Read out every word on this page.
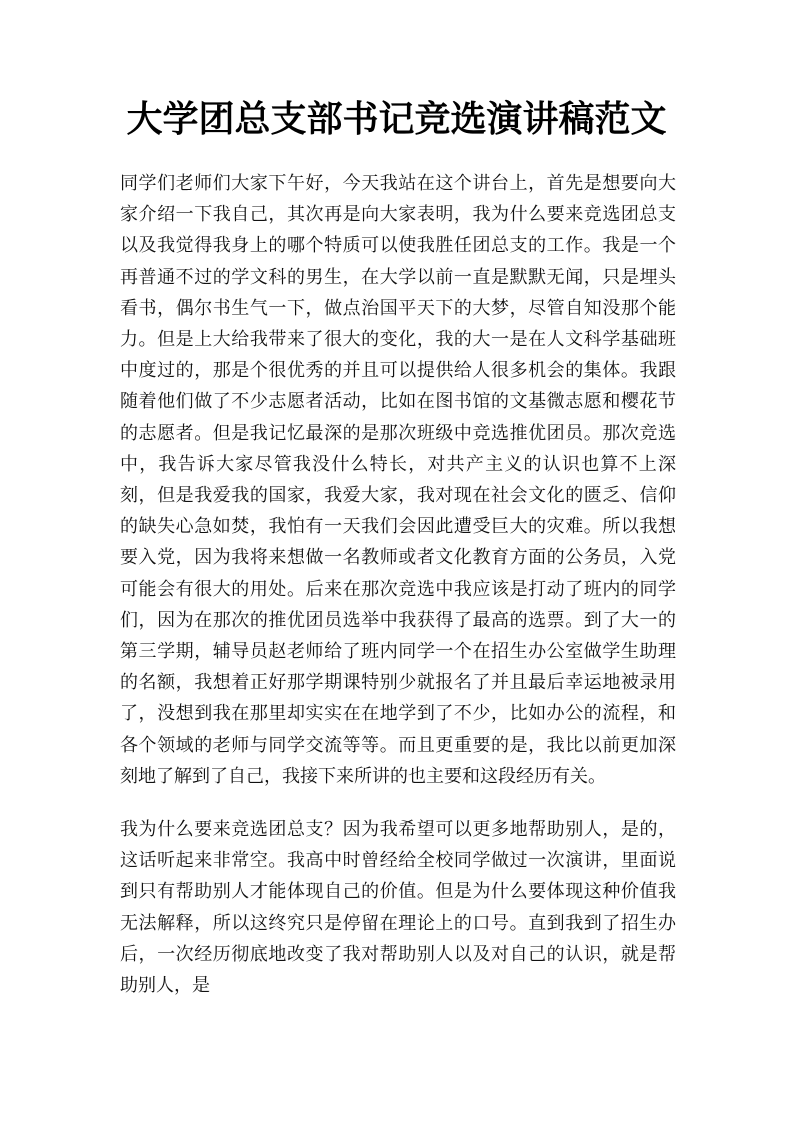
大学团总支部书记竞选演讲稿范文

同学们老师们大家下午好，今天我站在这个讲台上，首先是想要向大家介绍一下我自己，其次再是向大家表明，我为什么要来竞选团总支以及我觉得我身上的哪个特质可以使我胜任团总支的工作。我是一个再普通不过的学文科的男生，在大学以前一直是默默无闻，只是埋头看书，偶尔书生气一下，做点治国平天下的大梦，尽管自知没那个能力。但是上大给我带来了很大的变化，我的大一是在人文科学基础班中度过的，那是个很优秀的并且可以提供给人很多机会的集体。我跟随着他们做了不少志愿者活动，比如在图书馆的文基微志愿和樱花节的志愿者。但是我记忆最深的是那次班级中竞选推优团员。那次竞选中，我告诉大家尽管我没什么特长，对共产主义的认识也算不上深刻，但是我爱我的国家，我爱大家，我对现在社会文化的匮乏、信仰的缺失心急如焚，我怕有一天我们会因此遭受巨大的灾难。所以我想要入党，因为我将来想做一名教师或者文化教育方面的公务员，入党可能会有很大的用处。后来在那次竞选中我应该是打动了班内的同学们，因为在那次的推优团员选举中我获得了最高的选票。到了大一的第三学期，辅导员赵老师给了班内同学一个在招生办公室做学生助理的名额，我想着正好那学期课特别少就报名了并且最后幸运地被录用了，没想到我在那里却实实在在地学到了不少，比如办公的流程，和各个领域的老师与同学交流等等。而且更重要的是，我比以前更加深刻地了解到了自己，我接下来所讲的也主要和这段经历有关。

我为什么要来竞选团总支？因为我希望可以更多地帮助别人，是的，这话听起来非常空。我高中时曾经给全校同学做过一次演讲，里面说到只有帮助别人才能体现自己的价值。但是为什么要体现这种价值我无法解释，所以这终究只是停留在理论上的口号。直到我到了招生办后，一次经历彻底地改变了我对帮助别人以及对自己的认识，就是帮助别人，是
